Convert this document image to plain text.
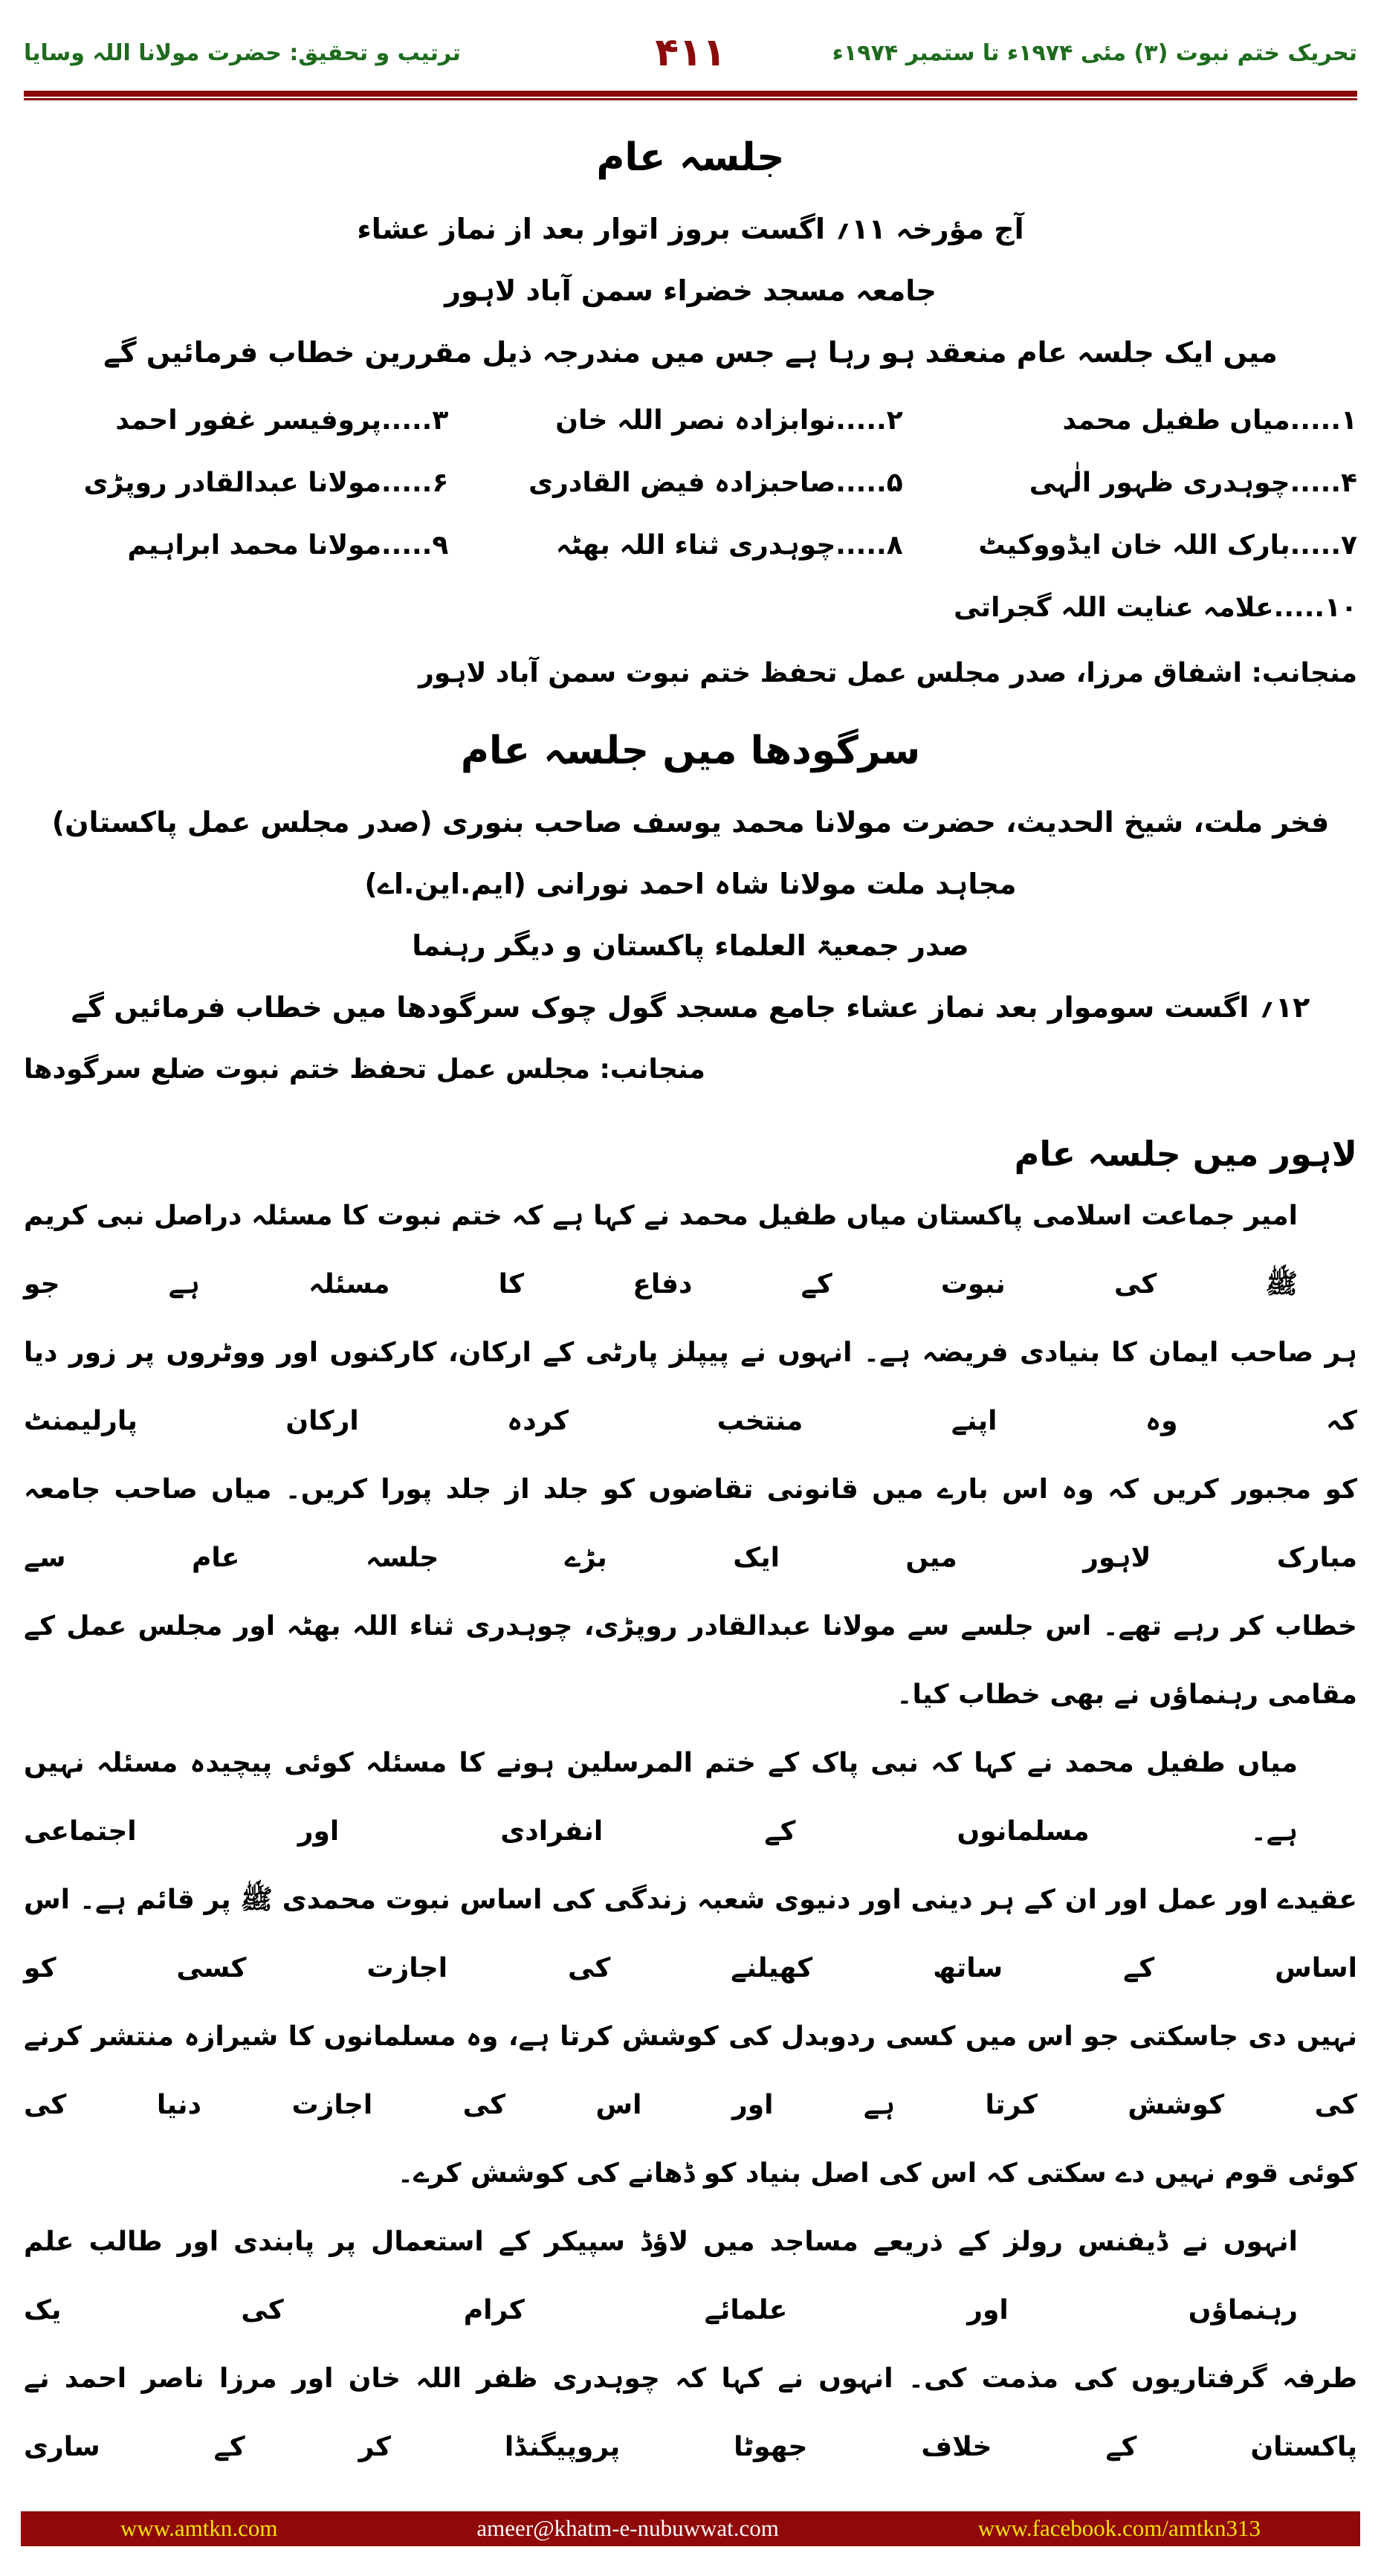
تحریک ختم نبوت (۳) مئی ۱۹۷۴ء تا ستمبر ۱۹۷۴ء
۴۱۱
ترتیب و تحقیق: حضرت مولانا اللہ وسایا
جلسہ عام
آج مؤرخہ ۱۱؍ اگست بروز اتوار بعد از نماز عشاء
جامعہ مسجد خضراء سمن آباد لاہور
میں ایک جلسہ عام منعقد ہو رہا ہے جس میں مندرجہ ذیل مقررین خطاب فرمائیں گے
۱.....میاں طفیل محمد
۲.....نوابزادہ نصر اللہ خان
۳.....پروفیسر غفور احمد
۴.....چوہدری ظہور الٰہی
۵.....صاحبزادہ فیض القادری
۶.....مولانا عبدالقادر روپڑی
۷.....بارک اللہ خان ایڈووکیٹ
۸.....چوہدری ثناء اللہ بھٹہ
۹.....مولانا محمد ابراہیم
۱۰.....علامہ عنایت اللہ گجراتی
منجانب: اشفاق مرزا، صدر مجلس عمل تحفظ ختم نبوت سمن آباد لاہور
سرگودھا میں جلسہ عام
فخر ملت، شیخ الحدیث، حضرت مولانا محمد یوسف صاحب بنوری (صدر مجلس عمل پاکستان)
مجاہد ملت مولانا شاہ احمد نورانی (ایم.این.اے)
صدر جمعیۃ العلماء پاکستان و دیگر رہنما
۱۲؍ اگست سوموار بعد نماز عشاء جامع مسجد گول چوک سرگودھا میں خطاب فرمائیں گے
منجانب: مجلس عمل تحفظ ختم نبوت ضلع سرگودھا
لاہور میں جلسہ عام
امیر جماعت اسلامی پاکستان میاں طفیل محمد نے کہا ہے کہ ختم نبوت کا مسئلہ دراصل نبی کریم ﷺ کی نبوت کے دفاع کا مسئلہ ہے جو
ہر صاحب ایمان کا بنیادی فریضہ ہے۔ انہوں نے پیپلز پارٹی کے ارکان، کارکنوں اور ووٹروں پر زور دیا کہ وہ اپنے منتخب کردہ ارکان پارلیمنٹ
کو مجبور کریں کہ وہ اس بارے میں قانونی تقاضوں کو جلد از جلد پورا کریں۔ میاں صاحب جامعہ مبارک لاہور میں ایک بڑے جلسہ عام سے
خطاب کر رہے تھے۔ اس جلسے سے مولانا عبدالقادر روپڑی، چوہدری ثناء اللہ بھٹہ اور مجلس عمل کے مقامی رہنماؤں نے بھی خطاب کیا۔
میاں طفیل محمد نے کہا کہ نبی پاک کے ختم المرسلین ہونے کا مسئلہ کوئی پیچیدہ مسئلہ نہیں ہے۔ مسلمانوں کے انفرادی اور اجتماعی
عقیدے اور عمل اور ان کے ہر دینی اور دنیوی شعبہ زندگی کی اساس نبوت محمدی ﷺ پر قائم ہے۔ اس اساس کے ساتھ کھیلنے کی اجازت کسی کو
نہیں دی جاسکتی جو اس میں کسی ردوبدل کی کوشش کرتا ہے، وہ مسلمانوں کا شیرازہ منتشر کرنے کی کوشش کرتا ہے اور اس کی اجازت دنیا کی
کوئی قوم نہیں دے سکتی کہ اس کی اصل بنیاد کو ڈھانے کی کوشش کرے۔
انہوں نے ڈیفنس رولز کے ذریعے مساجد میں لاؤڈ سپیکر کے استعمال پر پابندی اور طالب علم رہنماؤں اور علمائے کرام کی یک
طرفہ گرفتاریوں کی مذمت کی۔ انہوں نے کہا کہ چوہدری ظفر اللہ خان اور مرزا ناصر احمد نے پاکستان کے خلاف جھوٹا پروپیگنڈا کر کے ساری
www.amtkn.com	ameer@khatm-e-nubuwwat.com	www.facebook.com/amtkn313
